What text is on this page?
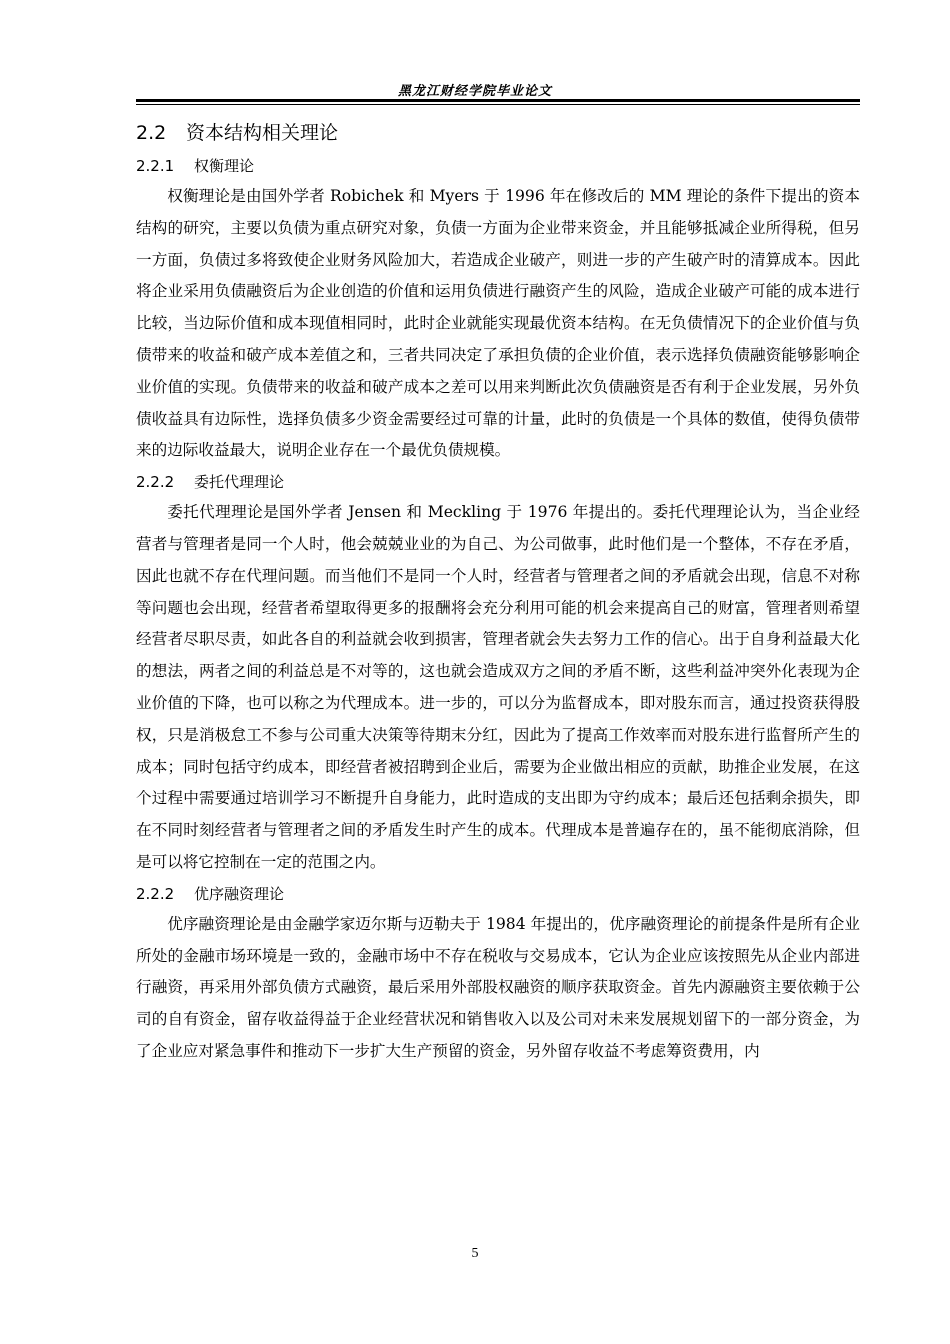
黑龙江财经学院毕业论文
2.2 资本结构相关理论
2.2.1 权衡理论

权衡理论是由国外学者 Robichek 和 Myers 于 1996 年在修改后的 MM 理论的条件下提出的资本结构的研究，主要以负债为重点研究对象，负债一方面为企业带来资金，并且能够抵减企业所得税，但另一方面，负债过多将致使企业财务风险加大，若造成企业破产，则进一步的产生破产时的清算成本。因此将企业采用负债融资后为企业创造的价值和运用负债进行融资产生的风险，造成企业破产可能的成本进行比较，当边际价值和成本现值相同时，此时企业就能实现最优资本结构。在无负债情况下的企业价值与负债带来的收益和破产成本差值之和，三者共同决定了承担负债的企业价值，表示选择负债融资能够影响企业价值的实现。负债带来的收益和破产成本之差可以用来判断此次负债融资是否有利于企业发展，另外负债收益具有边际性，选择负债多少资金需要经过可靠的计量，此时的负债是一个具体的数值，使得负债带来的边际收益最大，说明企业存在一个最优负债规模。

2.2.2 委托代理理论

委托代理理论是国外学者 Jensen 和 Meckling 于 1976 年提出的。委托代理理论认为，当企业经营者与管理者是同一个人时，他会兢兢业业的为自己、为公司做事，此时他们是一个整体，不存在矛盾，因此也就不存在代理问题。而当他们不是同一个人时，经营者与管理者之间的矛盾就会出现，信息不对称等问题也会出现，经营者希望取得更多的报酬将会充分利用可能的机会来提高自己的财富，管理者则希望经营者尽职尽责，如此各自的利益就会收到损害，管理者就会失去努力工作的信心。出于自身利益最大化的想法，两者之间的利益总是不对等的，这也就会造成双方之间的矛盾不断，这些利益冲突外化表现为企业价值的下降，也可以称之为代理成本。进一步的，可以分为监督成本，即对股东而言，通过投资获得股权，只是消极怠工不参与公司重大决策等待期末分红，因此为了提高工作效率而对股东进行监督所产生的成本；同时包括守约成本，即经营者被招聘到企业后，需要为企业做出相应的贡献，助推企业发展，在这个过程中需要通过培训学习不断提升自身能力，此时造成的支出即为守约成本；最后还包括剩余损失，即在不同时刻经营者与管理者之间的矛盾发生时产生的成本。代理成本是普遍存在的，虽不能彻底消除，但是可以将它控制在一定的范围之内。

2.2.2 优序融资理论

优序融资理论是由金融学家迈尔斯与迈勒夫于 1984 年提出的，优序融资理论的前提条件是所有企业所处的金融市场环境是一致的，金融市场中不存在税收与交易成本，它认为企业应该按照先从企业内部进行融资，再采用外部负债方式融资，最后采用外部股权融资的顺序获取资金。首先内源融资主要依赖于公司的自有资金，留存收益得益于企业经营状况和销售收入以及公司对未来发展规划留下的一部分资金，为了企业应对紧急事件和推动下一步扩大生产预留的资金，另外留存收益不考虑筹资费用，内

5
